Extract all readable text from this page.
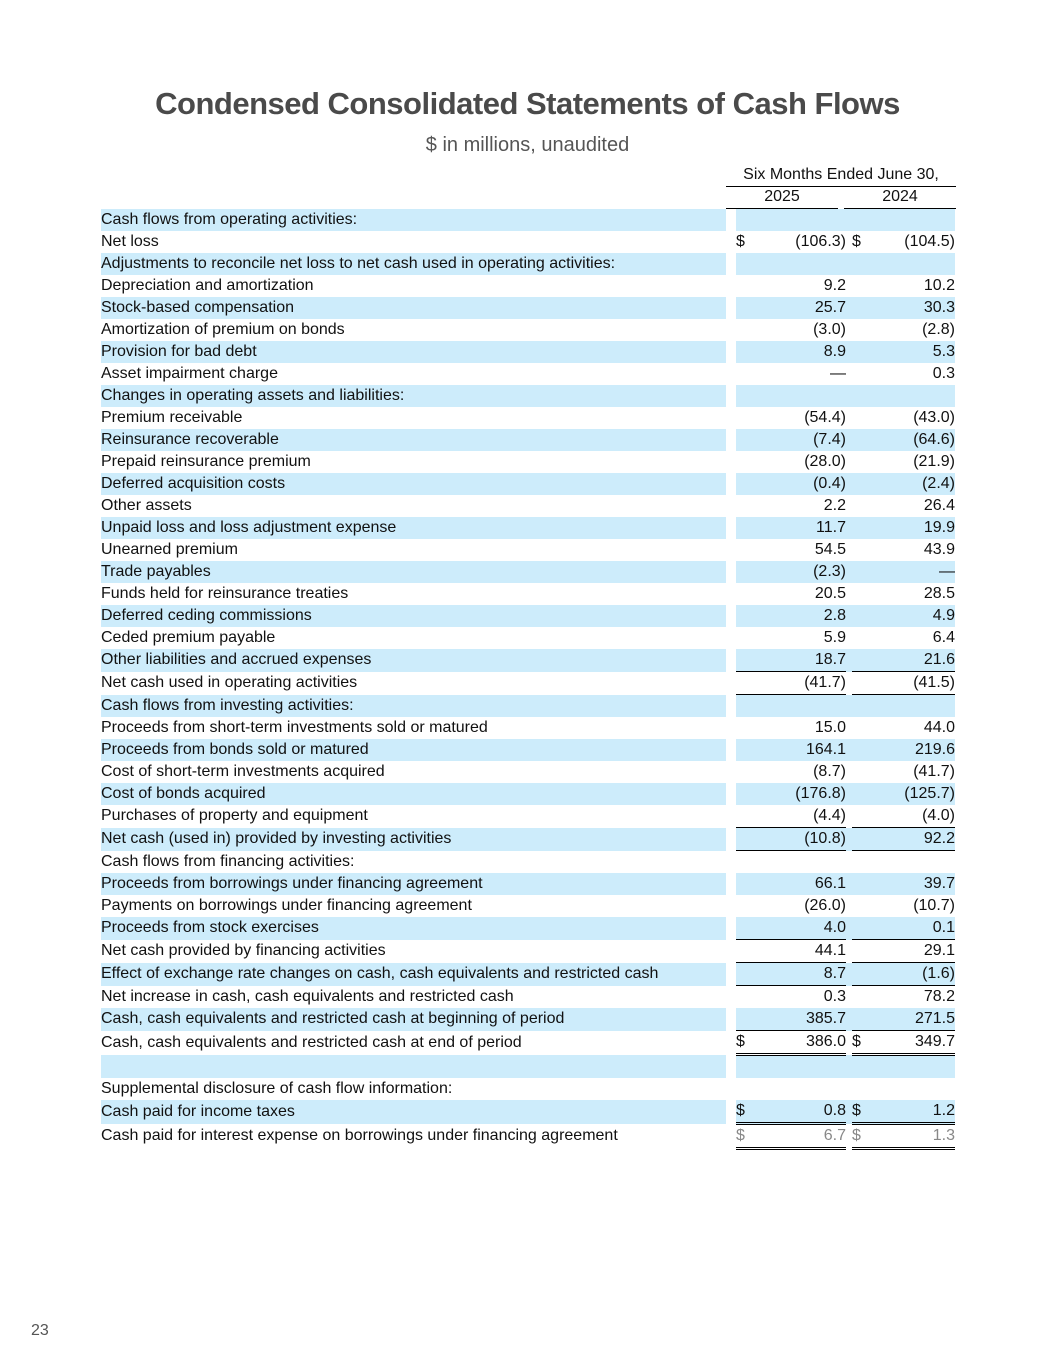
Condensed Consolidated Statements of Cash Flows
$ in millions, unaudited
Six Months Ended June 30,
2025	2024
Cash flows from operating activities:						
Net loss		$	(106.3)		$	(104.5)
Adjustments to reconcile net loss to net cash used in operating activities:						
Depreciation and amortization			9.2			10.2
Stock-based compensation			25.7			30.3
Amortization of premium on bonds			(3.0)			(2.8)
Provision for bad debt			8.9			5.3
Asset impairment charge			—			0.3
Changes in operating assets and liabilities:						
Premium receivable			(54.4)			(43.0)
Reinsurance recoverable			(7.4)			(64.6)
Prepaid reinsurance premium			(28.0)			(21.9)
Deferred acquisition costs			(0.4)			(2.4)
Other assets			2.2			26.4
Unpaid loss and loss adjustment expense			11.7			19.9
Unearned premium			54.5			43.9
Trade payables			(2.3)			—
Funds held for reinsurance treaties			20.5			28.5
Deferred ceding commissions			2.8			4.9
Ceded premium payable			5.9			6.4
Other liabilities and accrued expenses			18.7			21.6
Net cash used in operating activities			(41.7)			(41.5)
Cash flows from investing activities:						
Proceeds from short-term investments sold or matured			15.0			44.0
Proceeds from bonds sold or matured			164.1			219.6
Cost of short-term investments acquired			(8.7)			(41.7)
Cost of bonds acquired			(176.8)			(125.7)
Purchases of property and equipment			(4.4)			(4.0)
Net cash (used in) provided by investing activities			(10.8)			92.2
Cash flows from financing activities:						
Proceeds from borrowings under financing agreement			66.1			39.7
Payments on borrowings under financing agreement			(26.0)			(10.7)
Proceeds from stock exercises			4.0			0.1
Net cash provided by financing activities			44.1			29.1
Effect of exchange rate changes on cash, cash equivalents and restricted cash			8.7			(1.6)
Net increase in cash, cash equivalents and restricted cash			0.3			78.2
Cash, cash equivalents and restricted cash at beginning of period			385.7			271.5
Cash, cash equivalents and restricted cash at end of period		$	386.0		$	349.7

Supplemental disclosure of cash flow information:						
Cash paid for income taxes		$	0.8		$	1.2
Cash paid for interest expense on borrowings under financing agreement		$	6.7		$	1.3
23
